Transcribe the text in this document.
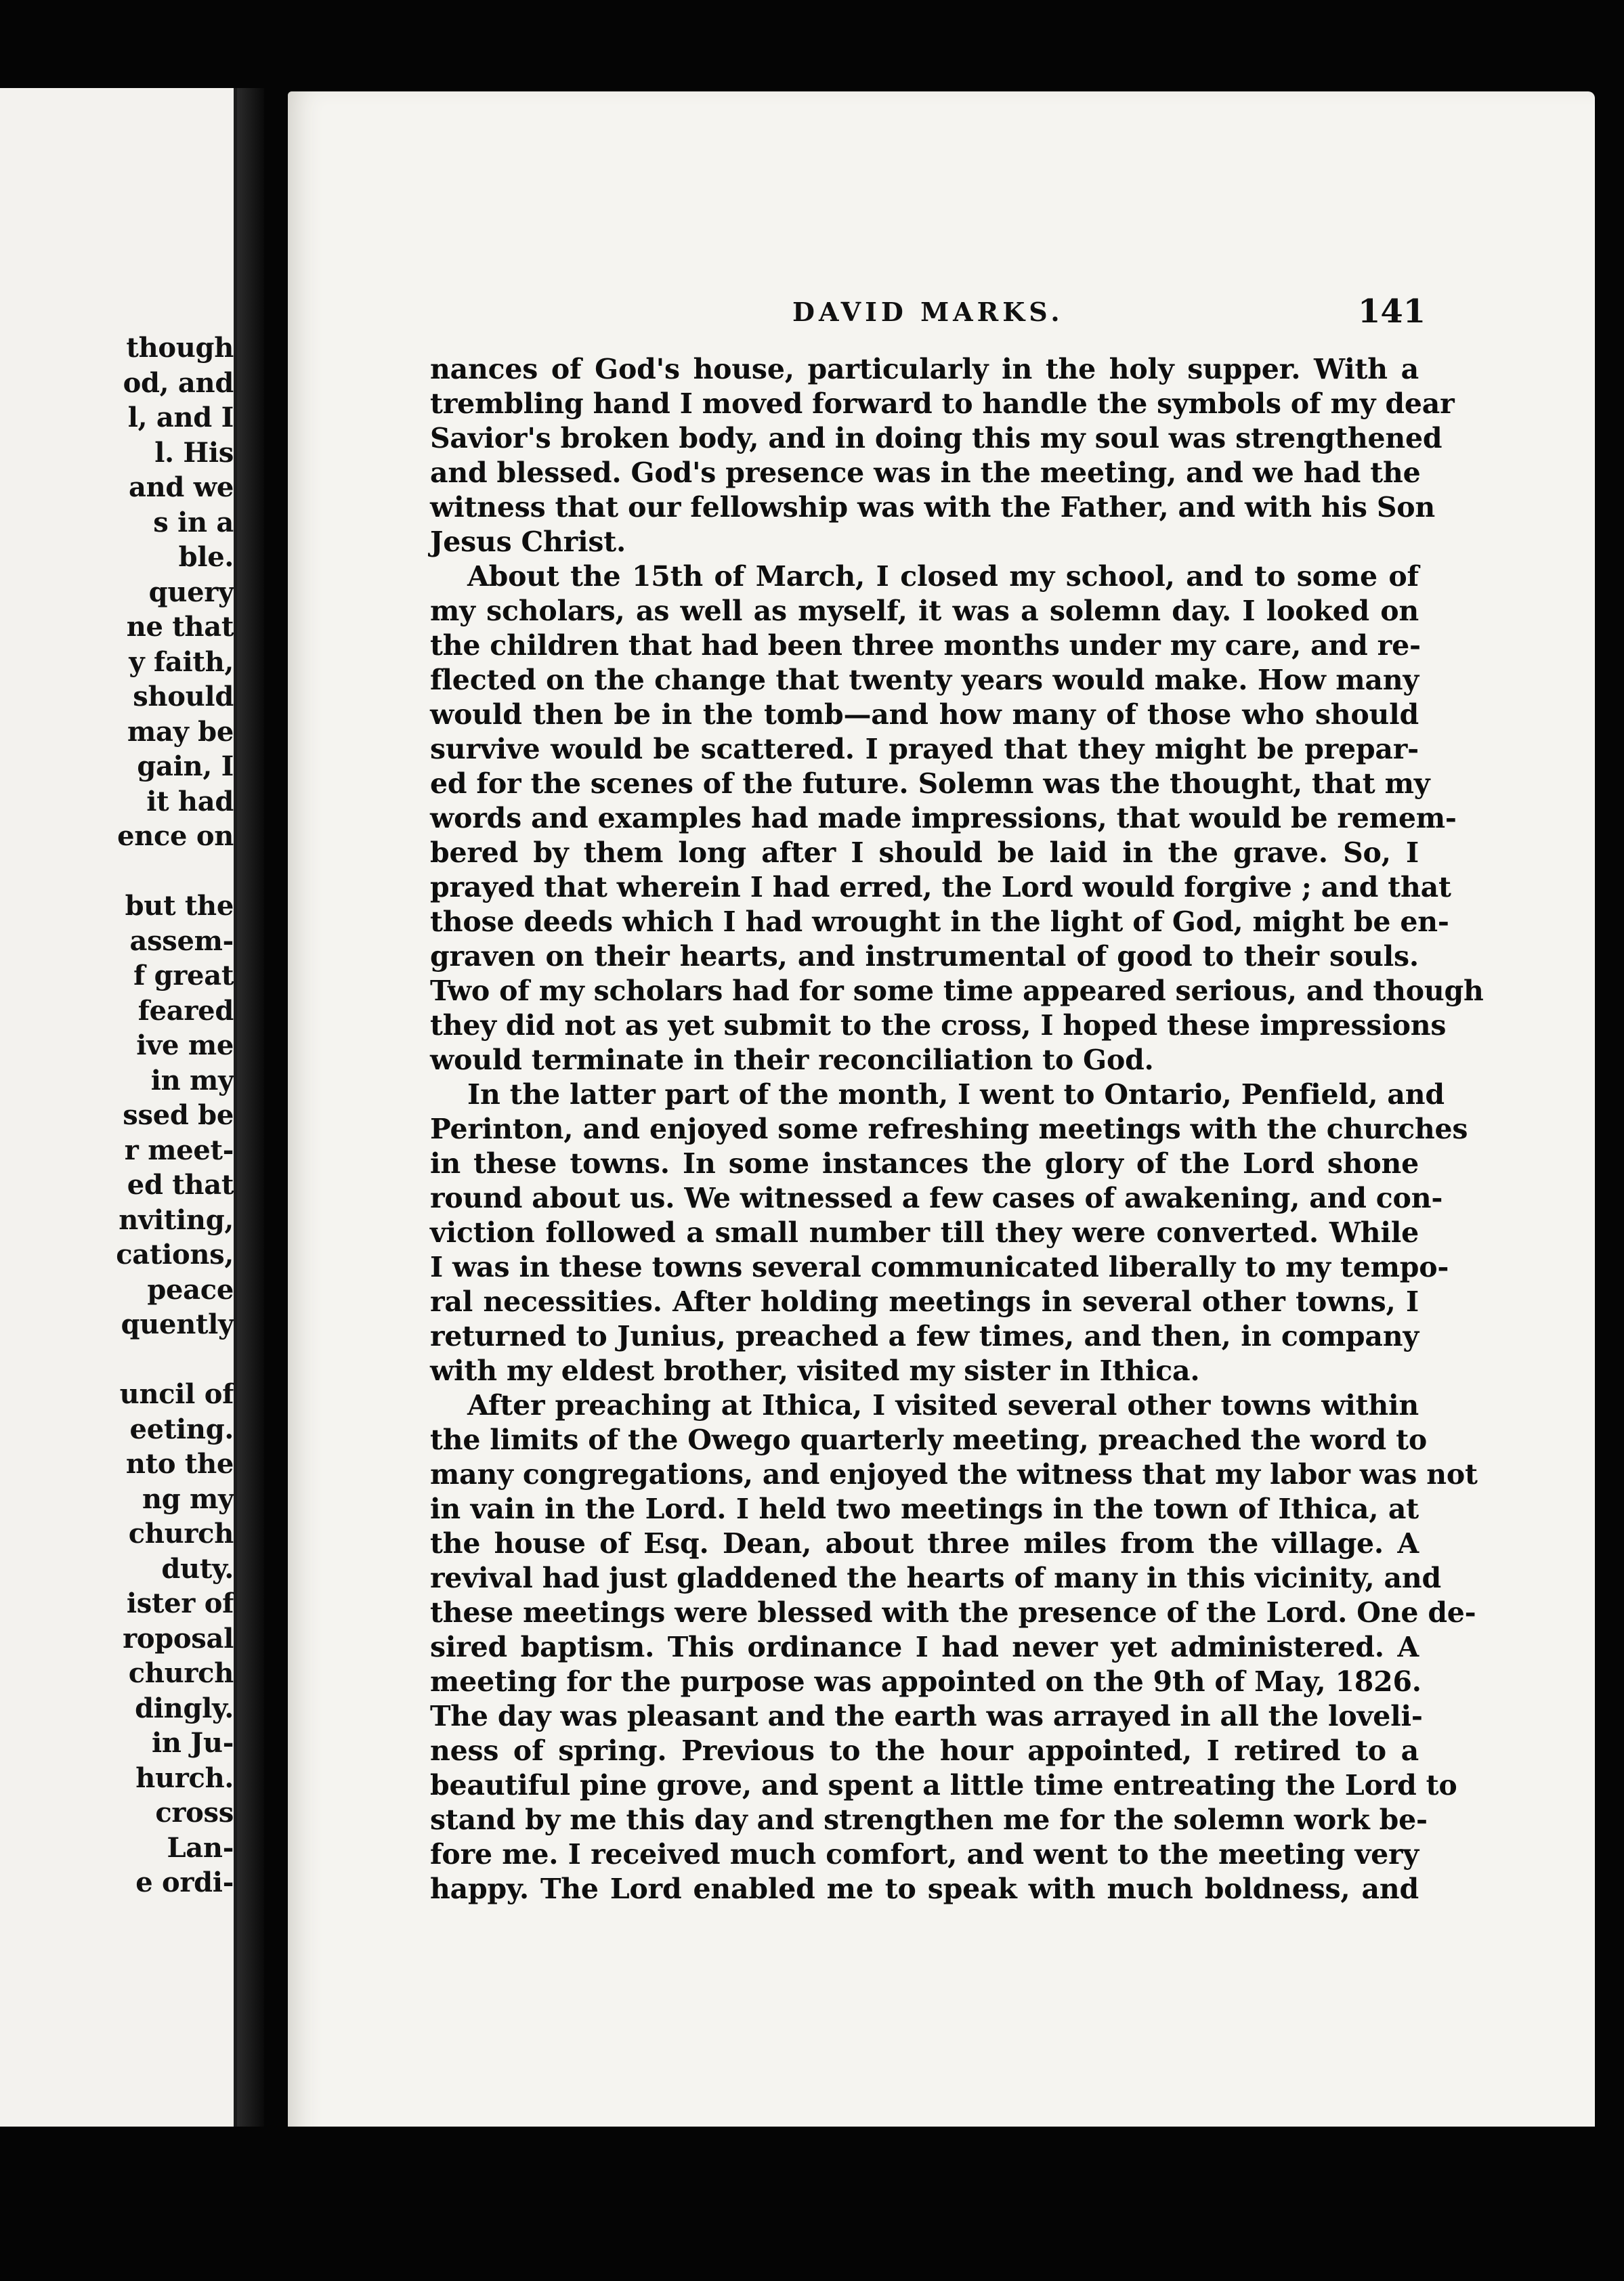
though
od, and
l, and I
l. His
and we
s in a
ble.
query
ne that
y faith,
should
may be
gain, I
it had
ence on
but the
assem-
f great
feared
ive me
in my
ssed be
r meet-
ed that
nviting,
cations,
peace
quently
uncil of
eeting.
nto the
ng my
church
duty.
ister of
roposal
church
dingly.
in Ju-
hurch.
cross
Lan-
e ordi-
DAVID MARKS.	141
nances of God's house, particularly in the holy supper. With a
trembling hand I moved forward to handle the symbols of my dear
Savior's broken body, and in doing this my soul was strengthened
and blessed. God's presence was in the meeting, and we had the
witness that our fellowship was with the Father, and with his Son
Jesus Christ.
About the 15th of March, I closed my school, and to some of
my scholars, as well as myself, it was a solemn day. I looked on
the children that had been three months under my care, and re-
flected on the change that twenty years would make. How many
would then be in the tomb—and how many of those who should
survive would be scattered. I prayed that they might be prepar-
ed for the scenes of the future. Solemn was the thought, that my
words and examples had made impressions, that would be remem-
bered by them long after I should be laid in the grave. So, I
prayed that wherein I had erred, the Lord would forgive ; and that
those deeds which I had wrought in the light of God, might be en-
graven on their hearts, and instrumental of good to their souls.
Two of my scholars had for some time appeared serious, and though
they did not as yet submit to the cross, I hoped these impressions
would terminate in their reconciliation to God.
In the latter part of the month, I went to Ontario, Penfield, and
Perinton, and enjoyed some refreshing meetings with the churches
in these towns. In some instances the glory of the Lord shone
round about us. We witnessed a few cases of awakening, and con-
viction followed a small number till they were converted. While
I was in these towns several communicated liberally to my tempo-
ral necessities. After holding meetings in several other towns, I
returned to Junius, preached a few times, and then, in company
with my eldest brother, visited my sister in Ithica.
After preaching at Ithica, I visited several other towns within
the limits of the Owego quarterly meeting, preached the word to
many congregations, and enjoyed the witness that my labor was not
in vain in the Lord. I held two meetings in the town of Ithica, at
the house of Esq. Dean, about three miles from the village. A
revival had just gladdened the hearts of many in this vicinity, and
these meetings were blessed with the presence of the Lord. One de-
sired baptism. This ordinance I had never yet administered. A
meeting for the purpose was appointed on the 9th of May, 1826.
The day was pleasant and the earth was arrayed in all the loveli-
ness of spring. Previous to the hour appointed, I retired to a
beautiful pine grove, and spent a little time entreating the Lord to
stand by me this day and strengthen me for the solemn work be-
fore me. I received much comfort, and went to the meeting very
happy. The Lord enabled me to speak with much boldness, and
